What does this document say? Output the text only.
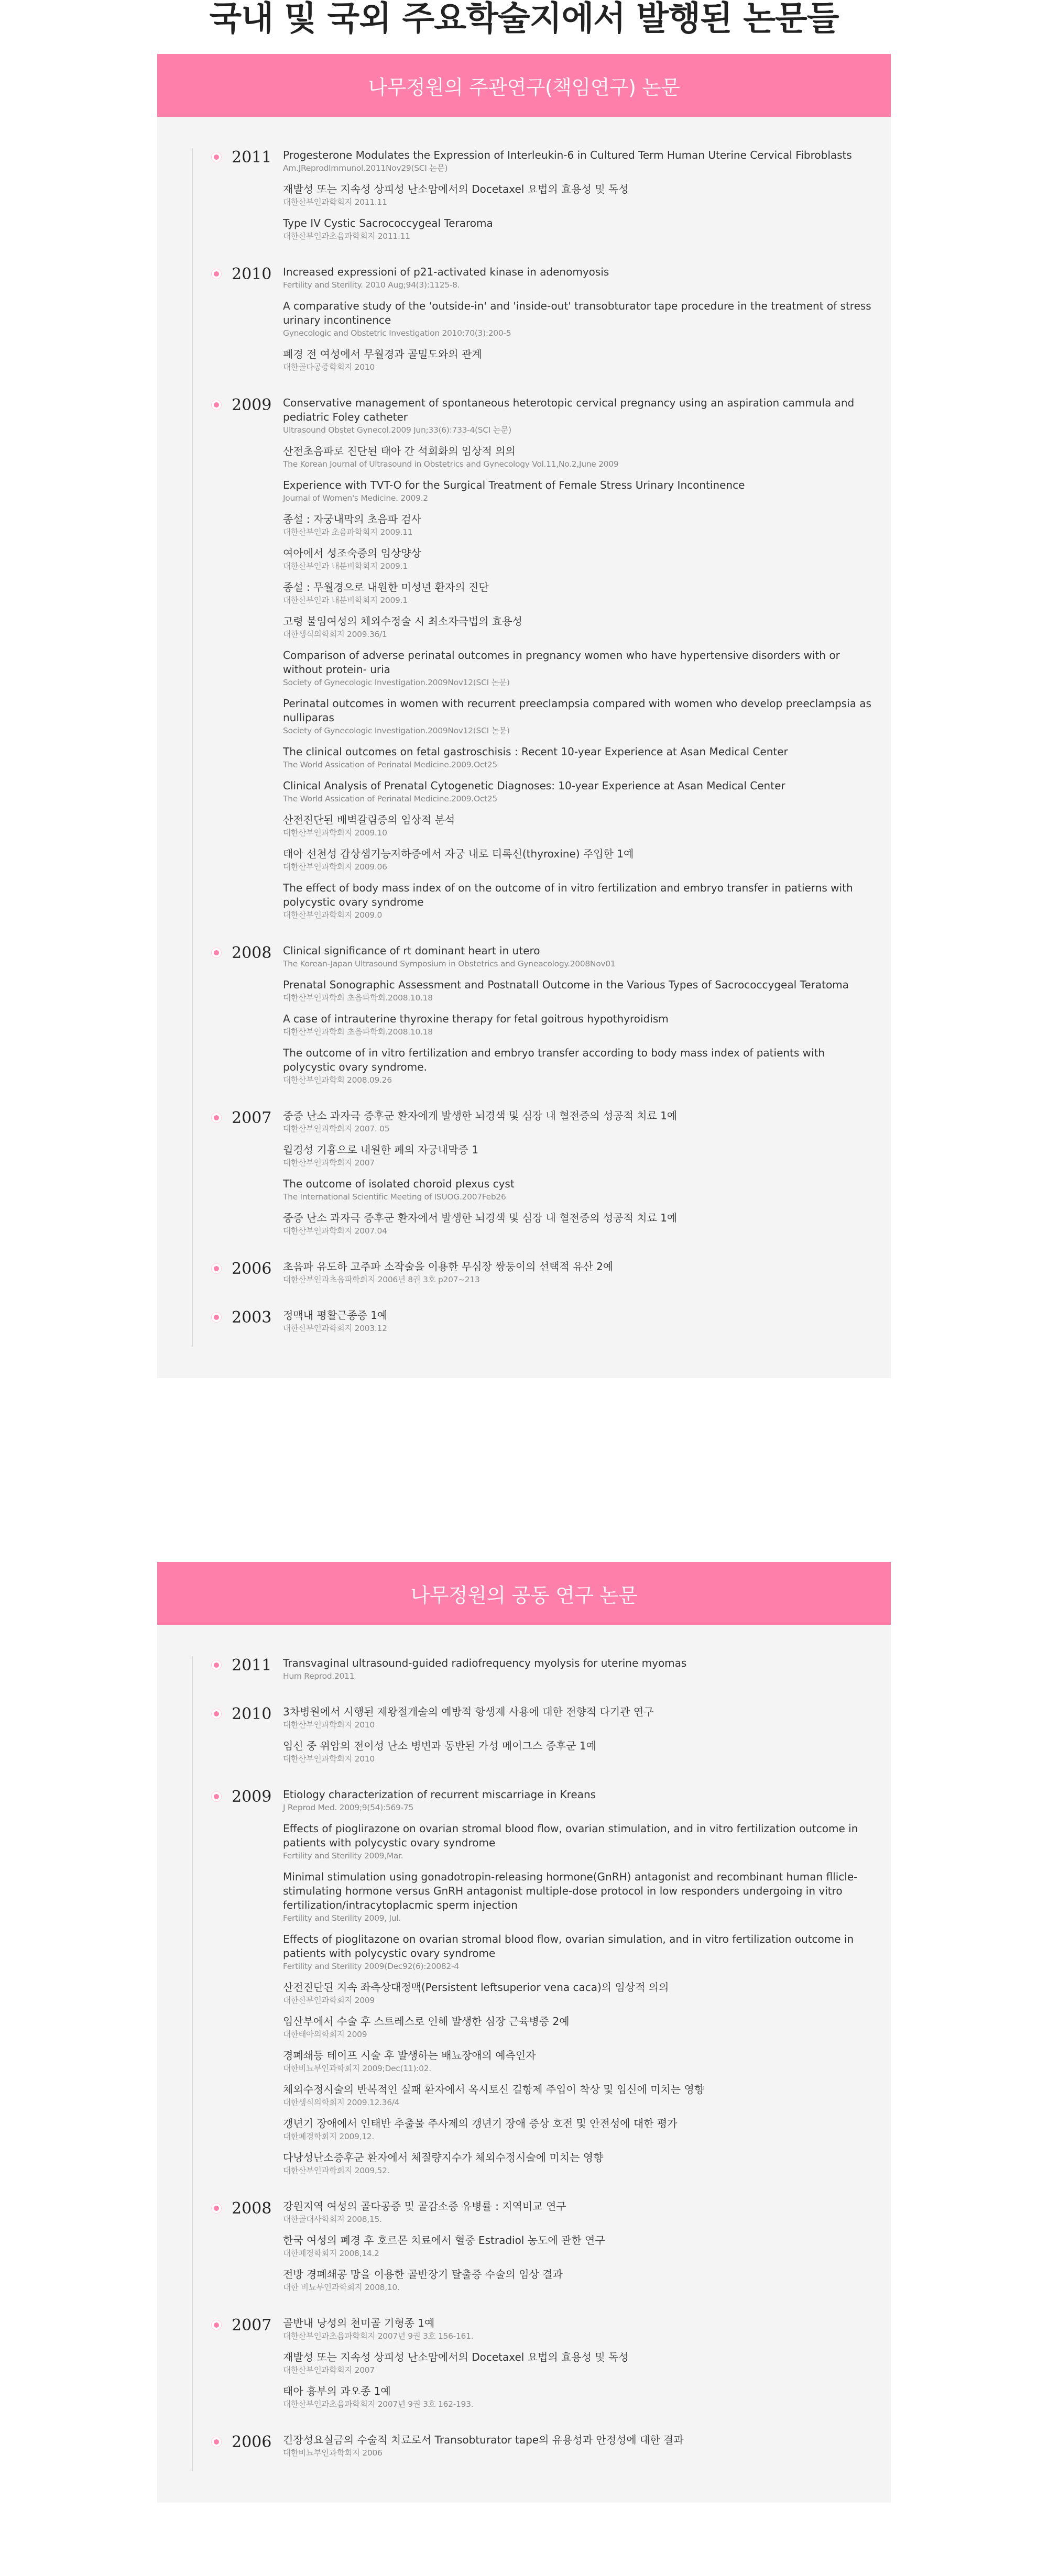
국내 및 국외 주요학술지에서 발행된 논문들
나무정원의 주관연구(책임연구) 논문
2011 Progesterone Modulates the Expression of Interleukin-6 in Cultured Term Human Uterine Cervical Fibroblasts
Am.JReprodImmunol.2011Nov29(SCI 논문)
재발성 또는 지속성 상피성 난소암에서의 Docetaxel 요법의 효용성 및 독성
대한산부인과학회지 2011.11
Type IV Cystic Sacrococcygeal Teraroma
대한산부인과초음파학회지 2011.11
2010 Increased expressioni of p21-activated kinase in adenomyosis
Fertility and Sterility. 2010 Aug;94(3):1125-8.
A comparative study of the 'outside-in' and 'inside-out' transobturator tape procedure in the treatment of stress urinary incontinence
Gynecologic and Obstetric Investigation 2010:70(3):200-5
폐경 전 여성에서 무월경과 골밀도와의 관계
대한골다공증학회지 2010
2009 Conservative management of spontaneous heterotopic cervical pregnancy using an aspiration cammula and pediatric Foley catheter
Ultrasound Obstet Gynecol.2009 Jun;33(6):733-4(SCI 논문)
산전초음파로 진단된 태아 간 석회화의 임상적 의의
The Korean Journal of Ultrasound in Obstetrics and Gynecology Vol.11,No.2,June 2009
Experience with TVT-O for the Surgical Treatment of Female Stress Urinary Incontinence
Journal of Women's Medicine. 2009.2
종설 : 자궁내막의 초음파 검사
대한산부인과 초음파학회지 2009.11
여아에서 성조숙증의 임상양상
대한산부인과 내분비학회지 2009.1
종설 : 무월경으로 내원한 미성년 환자의 진단
대한산부인과 내분비학회지 2009.1
고령 불임여성의 체외수정술 시 최소자극법의 효용성
대한생식의학회지 2009.36/1
Comparison of adverse perinatal outcomes in pregnancy women who have hypertensive disorders with or without protein- uria
Society of Gynecologic Investigation.2009Nov12(SCI 논문)
Perinatal outcomes in women with recurrent preeclampsia compared with women who develop preeclampsia as nulliparas
Society of Gynecologic Investigation.2009Nov12(SCI 논문)
The clinical outcomes on fetal gastroschisis : Recent 10-year Experience at Asan Medical Center
The World Assication of Perinatal Medicine.2009.Oct25
Clinical Analysis of Prenatal Cytogenetic Diagnoses: 10-year Experience at Asan Medical Center
The World Assication of Perinatal Medicine.2009.Oct25
산전진단된 배벽갈림증의 임상적 분석
대한산부인과학회지 2009.10
태아 선천성 갑상샘기능저하증에서 자궁 내로 티록신(thyroxine) 주입한 1예
대한산부인과학회지 2009.06
The effect of body mass index of on the outcome of in vitro fertilization and embryo transfer in patierns with polycystic ovary syndrome
대한산부인과학회지 2009.0
2008 Clinical significance of rt dominant heart in utero
The Korean-Japan Ultrasound Symposium in Obstetrics and Gyneacology.2008Nov01
Prenatal Sonographic Assessment and Postnatall Outcome in the Various Types of Sacrococcygeal Teratoma
대한산부인과학회 초음파학회.2008.10.18
A case of intrauterine thyroxine therapy for fetal goitrous hypothyroidism
대한산부인과학회 초음파학회.2008.10.18
The outcome of in vitro fertilization and embryo transfer according to body mass index of patients with polycystic ovary syndrome.
대한산부인과학회 2008.09.26
2007 중증 난소 과자극 증후군 환자에게 발생한 뇌경색 및 심장 내 혈전증의 성공적 치료 1예
대한산부인과학회지 2007. 05
월경성 기흉으로 내원한 폐의 자궁내막증 1
대한산부인과학회지 2007
The outcome of isolated choroid plexus cyst
The International Scientific Meeting of ISUOG.2007Feb26
중증 난소 과자극 증후군 환자에서 발생한 뇌경색 및 심장 내 혈전증의 성공적 치료 1예
대한산부인과학회지 2007.04
2006 초음파 유도하 고주파 소작술을 이용한 무심장 쌍둥이의 선택적 유산 2예
대한산부인과초음파학회지 2006년 8권 3호 p207~213
2003 정맥내 평활근종증 1예
대한산부인과학회지 2003.12
나무정원의 공동 연구 논문
2011 Transvaginal ultrasound-guided radiofrequency myolysis for uterine myomas
Hum Reprod.2011
2010 3차병원에서 시행된 제왕절개술의 예방적 항생제 사용에 대한 전향적 다기관 연구
대한산부인과학회지 2010
임신 중 위암의 전이성 난소 병변과 동반된 가성 메이그스 증후군 1예
대한산부인과학회지 2010
2009 Etiology characterization of recurrent miscarriage in Kreans
J Reprod Med. 2009;9(54):569-75
Effects of pioglirazone on ovarian stromal blood flow, ovarian stimulation, and in vitro fertilization outcome in patients with polycystic ovary syndrome
Fertility and Sterility 2009,Mar.
Minimal stimulation using gonadotropin-releasing hormone(GnRH) antagonist and recombinant human fllicle-stimulating hormone versus GnRH antagonist multiple-dose protocol in low responders undergoing in vitro fertilization/intracytoplacmic sperm injection
Fertility and Sterility 2009, Jul.
Effects of pioglitazone on ovarian stromal blood flow, ovarian simulation, and in vitro fertilization outcome in patients with polycystic ovary syndrome
Fertility and Sterility 2009(Dec92(6):20082-4
산전진단된 지속 좌측상대정맥(Persistent leftsuperior vena caca)의 임상적 의의
대한산부인과학회지 2009
임산부에서 수술 후 스트레스로 인해 발생한 심장 근육병증 2예
대한태아의학회지 2009
경폐쇄등 테이프 시술 후 발생하는 배뇨장애의 예측인자
대한비뇨부인과학회지 2009;Dec(11):02.
체외수정시술의 반복적인 실패 환자에서 옥시토신 길항제 주입이 착상 및 임신에 미치는 영향
대한생식의학회지 2009.12.36/4
갱년기 장애에서 인태반 추출물 주사제의 갱년기 장애 증상 호전 및 안전성에 대한 평가
대한폐경학회지 2009,12.
다낭성난소증후군 환자에서 체질량지수가 체외수정시술에 미치는 영향
대한산부인과학회지 2009,52.
2008 강원지역 여성의 골다공증 및 골감소증 유병률 : 지역비교 연구
대한골대사학회지 2008,15.
한국 여성의 폐경 후 호르몬 치료에서 혈중 Estradiol 농도에 관한 연구
대한폐경학회지 2008,14.2
전방 경폐쇄공 망을 이용한 골반장기 탈출증 수술의 임상 결과
대한 비뇨부인과학회지 2008,10.
2007 골반내 낭성의 천미골 기형종 1예
대한산부인과초음파학회지 2007년 9권 3호 156-161.
재발성 또는 지속성 상피성 난소암에서의 Docetaxel 요법의 효용성 및 독성
대한산부인과학회지 2007
태아 흉부의 과오종 1예
대한산부인과초음파학회지 2007년 9권 3호 162-193.
2006 긴장성요실금의 수술적 치료로서 Transobturator tape의 유용성과 안정성에 대한 결과
대한비뇨부인과학회지 2006
